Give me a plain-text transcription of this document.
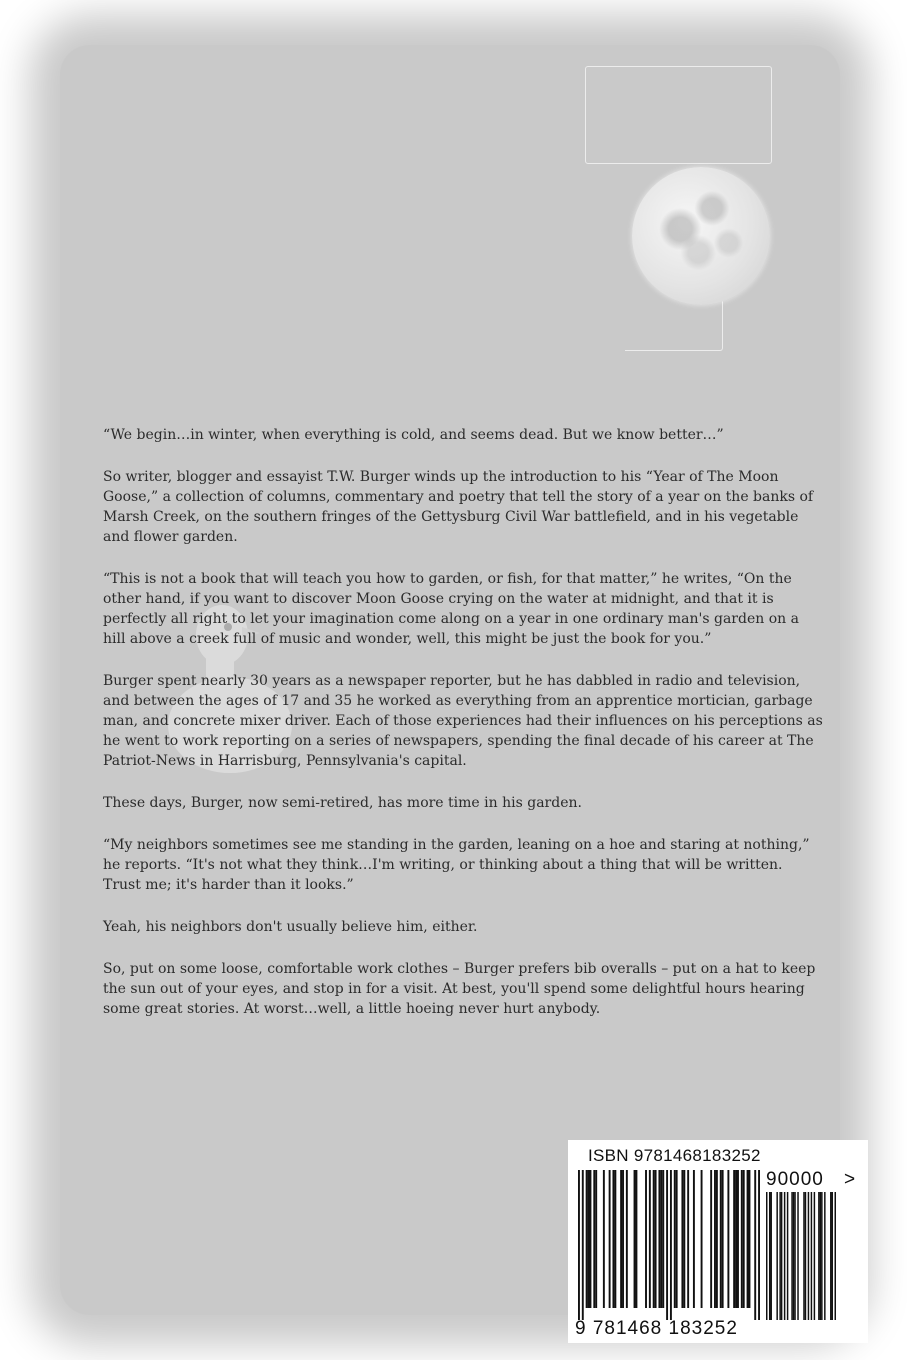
“We begin…in winter, when everything is cold, and seems dead. But we know better…”

So writer, blogger and essayist T.W. Burger winds up the introduction to his “Year of The Moon Goose,” a collection of columns, commentary and poetry that tell the story of a year on the banks of Marsh Creek, on the southern fringes of the Gettysburg Civil War battlefield, and in his vegetable and flower garden.

“This is not a book that will teach you how to garden, or fish, for that matter,” he writes, “On the other hand, if you want to discover Moon Goose crying on the water at midnight, and that it is perfectly all right to let your imagination come along on a year in one ordinary man's garden on a hill above a creek full of music and wonder, well, this might be just the book for you.”

Burger spent nearly 30 years as a newspaper reporter, but he has dabbled in radio and television, and between the ages of 17 and 35 he worked as everything from an apprentice mortician, garbage man, and concrete mixer driver. Each of those experiences had their influences on his perceptions as he went to work reporting on a series of newspapers, spending the final decade of his career at The Patriot-News in Harrisburg, Pennsylvania's capital.

These days, Burger, now semi-retired, has more time in his garden.

“My neighbors sometimes see me standing in the garden, leaning on a hoe and staring at nothing,” he reports. “It's not what they think…I'm writing, or thinking about a thing that will be written. Trust me; it's harder than it looks.”

Yeah, his neighbors don't usually believe him, either.

So, put on some loose, comfortable work clothes – Burger prefers bib overalls – put on a hat to keep the sun out of your eyes, and stop in for a visit. At best, you'll spend some delightful hours hearing some great stories. At worst…well, a little hoeing never hurt anybody.

ISBN 9781468183252
90000 >
9 781468 183252
